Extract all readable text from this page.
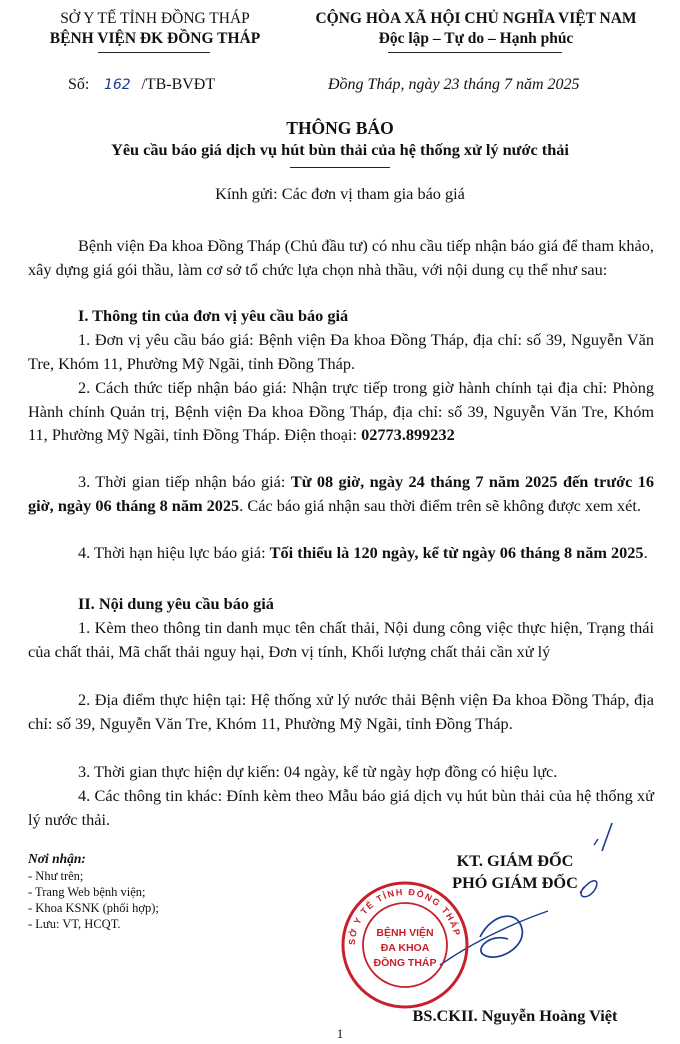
SỞ Y TẾ TỈNH ĐỒNG THÁP
BỆNH VIỆN ĐK ĐỒNG THÁP
CỘNG HÒA XÃ HỘI CHỦ NGHĨA VIỆT NAM
Độc lập – Tự do – Hạnh phúc
Số: 162 /TB-BVĐT	Đồng Tháp, ngày 23 tháng 7 năm 2025
THÔNG BÁO
Yêu cầu báo giá dịch vụ hút bùn thải của hệ thống xử lý nước thải
Kính gửi: Các đơn vị tham gia báo giá
Bệnh viện Đa khoa Đồng Tháp (Chủ đầu tư) có nhu cầu tiếp nhận báo giá để tham khảo, xây dựng giá gói thầu, làm cơ sở tổ chức lựa chọn nhà thầu, với nội dung cụ thể như sau:
I. Thông tin của đơn vị yêu cầu báo giá
1. Đơn vị yêu cầu báo giá: Bệnh viện Đa khoa Đồng Tháp, địa chỉ: số 39, Nguyễn Văn Tre, Khóm 11, Phường Mỹ Ngãi, tỉnh Đồng Tháp.
2. Cách thức tiếp nhận báo giá: Nhận trực tiếp trong giờ hành chính tại địa chỉ: Phòng Hành chính Quản trị, Bệnh viện Đa khoa Đồng Tháp, địa chỉ: số 39, Nguyễn Văn Tre, Khóm 11, Phường Mỹ Ngãi, tỉnh Đồng Tháp. Điện thoại: 02773.899232
3. Thời gian tiếp nhận báo giá: Từ 08 giờ, ngày 24 tháng 7 năm 2025 đến trước 16 giờ, ngày 06 tháng 8 năm 2025. Các báo giá nhận sau thời điểm trên sẽ không được xem xét.
4. Thời hạn hiệu lực báo giá: Tối thiểu là 120 ngày, kể từ ngày 06 tháng 8 năm 2025.
II. Nội dung yêu cầu báo giá
1. Kèm theo thông tin danh mục tên chất thải, Nội dung công việc thực hiện, Trạng thái của chất thải, Mã chất thải nguy hại, Đơn vị tính, Khối lượng chất thải cần xử lý
2. Địa điểm thực hiện tại: Hệ thống xử lý nước thải Bệnh viện Đa khoa Đồng Tháp, địa chỉ: số 39, Nguyễn Văn Tre, Khóm 11, Phường Mỹ Ngãi, tỉnh Đồng Tháp.
3. Thời gian thực hiện dự kiến: 04 ngày, kể từ ngày hợp đồng có hiệu lực.
4. Các thông tin khác: Đính kèm theo Mẫu báo giá dịch vụ hút bùn thải của hệ thống xử lý nước thải.
Nơi nhận:
- Như trên;
- Trang Web bệnh viện;
- Khoa KSNK (phối hợp);
- Lưu: VT, HCQT.
KT. GIÁM ĐỐC
PHÓ GIÁM ĐỐC
SỞ Y TẾ TỈNH ĐỒNG THÁP
BỆNH VIỆN
ĐA KHOA
ĐỒNG THÁP
BS.CKII. Nguyễn Hoàng Việt
1
